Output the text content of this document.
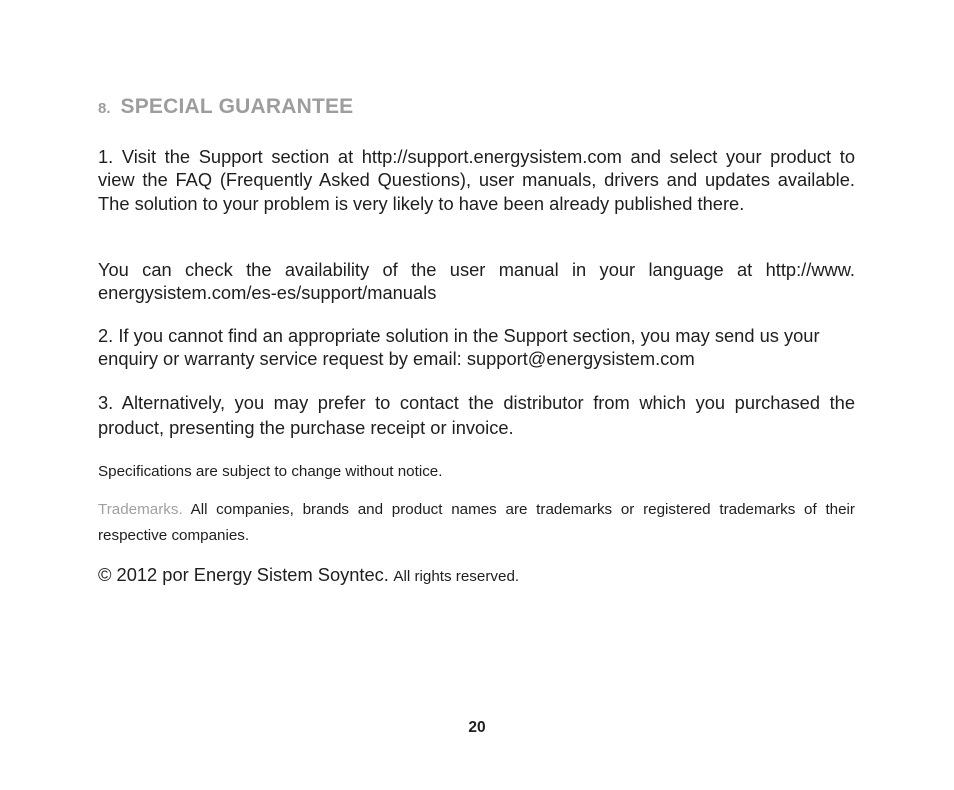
8. SPECIAL GUARANTEE

1. Visit the Support section at http://support.energysistem.com and select your product to view the FAQ (Frequently Asked Questions), user manuals, drivers and updates available. The solution to your problem is very likely to have been already published there.

You can check the availability of the user manual in your language at http://www. energysistem.com/es-es/support/manuals

2. If you cannot find an appropriate solution in the Support section, you may send us your enquiry or warranty service request by email: support@energysistem.com

3. Alternatively, you may prefer to contact the distributor from which you purchased the product, presenting the purchase receipt or invoice.

Specifications are subject to change without notice.

Trademarks. All companies, brands and product names are trademarks or registered trademarks of their respective companies.

© 2012 por Energy Sistem Soyntec. All rights reserved.

20
